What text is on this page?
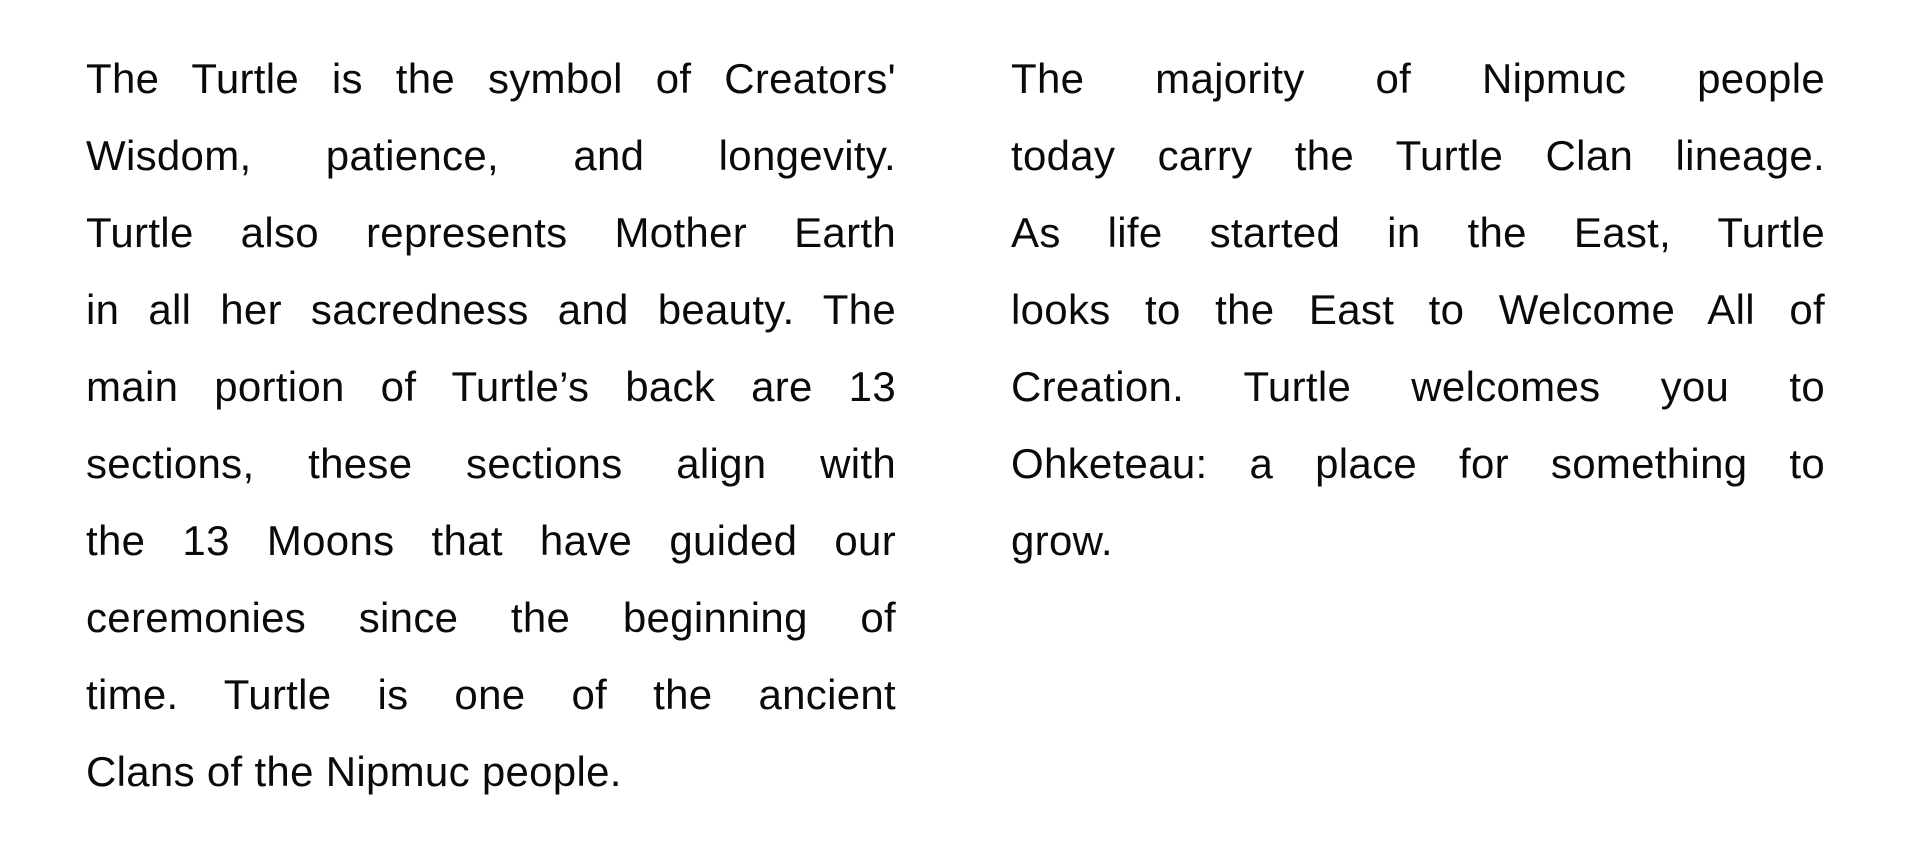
The Turtle is the symbol of Creators'
Wisdom, patience, and longevity.
Turtle also represents Mother Earth
in all her sacredness and beauty. The
main portion of Turtle’s back are 13
sections, these sections align with
the 13 Moons that have guided our
ceremonies since the beginning of
time. Turtle is one of the ancient
Clans of the Nipmuc people.
The majority of Nipmuc people
today carry the Turtle Clan lineage.
As life started in the East, Turtle
looks to the East to Welcome All of
Creation. Turtle welcomes you to
Ohketeau: a place for something to
grow.
